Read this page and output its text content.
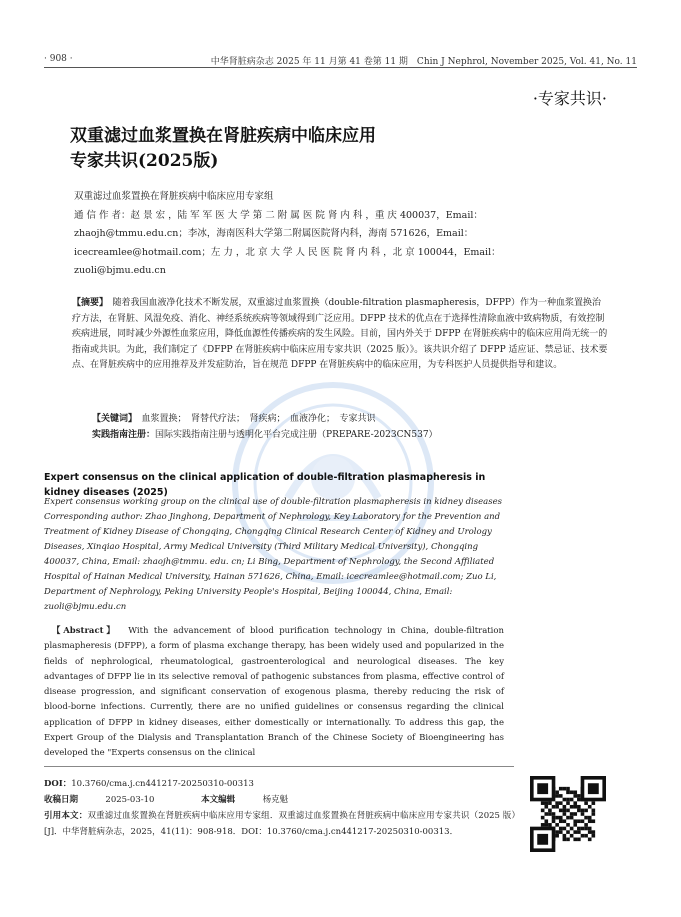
· 908 ·	中华肾脏病杂志 2025 年 11 月第 41 卷第 11 期　Chin J Nephrol, November 2025, Vol. 41, No. 11
·专家共识·
双重滤过血浆置换在肾脏疾病中临床应用
专家共识(2025版)
双重滤过血浆置换在肾脏疾病中临床应用专家组
通 信 作 者：赵 景 宏 ，陆 军 军 医 大 学 第 二 附 属 医 院 肾 内 科 ，重 庆 400037，Email：
zhaojh@tmmu.edu.cn；李冰，海南医科大学第二附属医院肾内科，海南 571626，Email：
icecreamlee@hotmail.com；左 力 ，北 京 大 学 人 民 医 院 肾 内 科 ，北 京 100044，Email：
zuoli@bjmu.edu.cn
【摘要】　随着我国血液净化技术不断发展，双重滤过血浆置换（double-filtration plasmapheresis，DFPP）作为一种血浆置换治疗方法，在肾脏、风湿免疫、消化、神经系统疾病等领域得到广泛应用。DFPP 技术的优点在于选择性清除血液中致病物质，有效控制疾病进展，同时减少外源性血浆应用，降低血源性传播疾病的发生风险。目前，国内外关于 DFPP 在肾脏疾病中的临床应用尚无统一的指南或共识。为此，我们制定了《DFPP 在肾脏疾病中临床应用专家共识（2025 版）》。该共识介绍了 DFPP 适应证、禁忌证、技术要点、在肾脏疾病中的应用推荐及并发症防治，旨在规范 DFPP 在肾脏疾病中的临床应用，为专科医护人员提供指导和建议。
【关键词】　血浆置换；　肾替代疗法；　肾疾病；　血液净化；　专家共识
实践指南注册：国际实践指南注册与透明化平台完成注册（PREPARE-2023CN537）
Expert consensus on the clinical application of double-filtration plasmapheresis in kidney diseases (2025)

Expert consensus working group on the clinical use of double-filtration plasmapheresis in kidney diseases

Corresponding author: Zhao Jinghong, Department of Nephrology, Key Laboratory for the Prevention and Treatment of Kidney Disease of Chongqing, Chongqing Clinical Research Center of Kidney and Urology Diseases, Xinqiao Hospital, Army Medical University (Third Military Medical University), Chongqing 400037, China, Email: zhaojh@tmmu. edu. cn; Li Bing, Department of Nephrology, the Second Affiliated Hospital of Hainan Medical University, Hainan 571626, China, Email: icecreamlee@hotmail.com; Zuo Li, Department of Nephrology, Peking University People's Hospital, Beijing 100044, China, Email: zuoli@bjmu.edu.cn

【Abstract】 With the advancement of blood purification technology in China, double-filtration plasmapheresis (DFPP), a form of plasma exchange therapy, has been widely used and popularized in the fields of nephrological, rheumatological, gastroenterological and neurological diseases. The key advantages of DFPP lie in its selective removal of pathogenic substances from plasma, effective control of disease progression, and significant conservation of exogenous plasma, thereby reducing the risk of blood-borne infections. Currently, there are no unified guidelines or consensus regarding the clinical application of DFPP in kidney diseases, either domestically or internationally. To address this gap, the Expert Group of the Dialysis and Transplantation Branch of the Chinese Society of Bioengineering has developed the "Experts consensus on the clinical
DOI：10.3760/cma.j.cn441217-20250310-00313
收稿日期	2025-03-10	本文编辑	杨克魁
引用本文：双重滤过血浆置换在肾脏疾病中临床应用专家组．双重滤过血浆置换在肾脏疾病中临床应用专家共识（2025 版）[J]．中华肾脏病杂志，2025，41(11)：908-918．DOI：10.3760/cma.j.cn441217-20250310-00313．
